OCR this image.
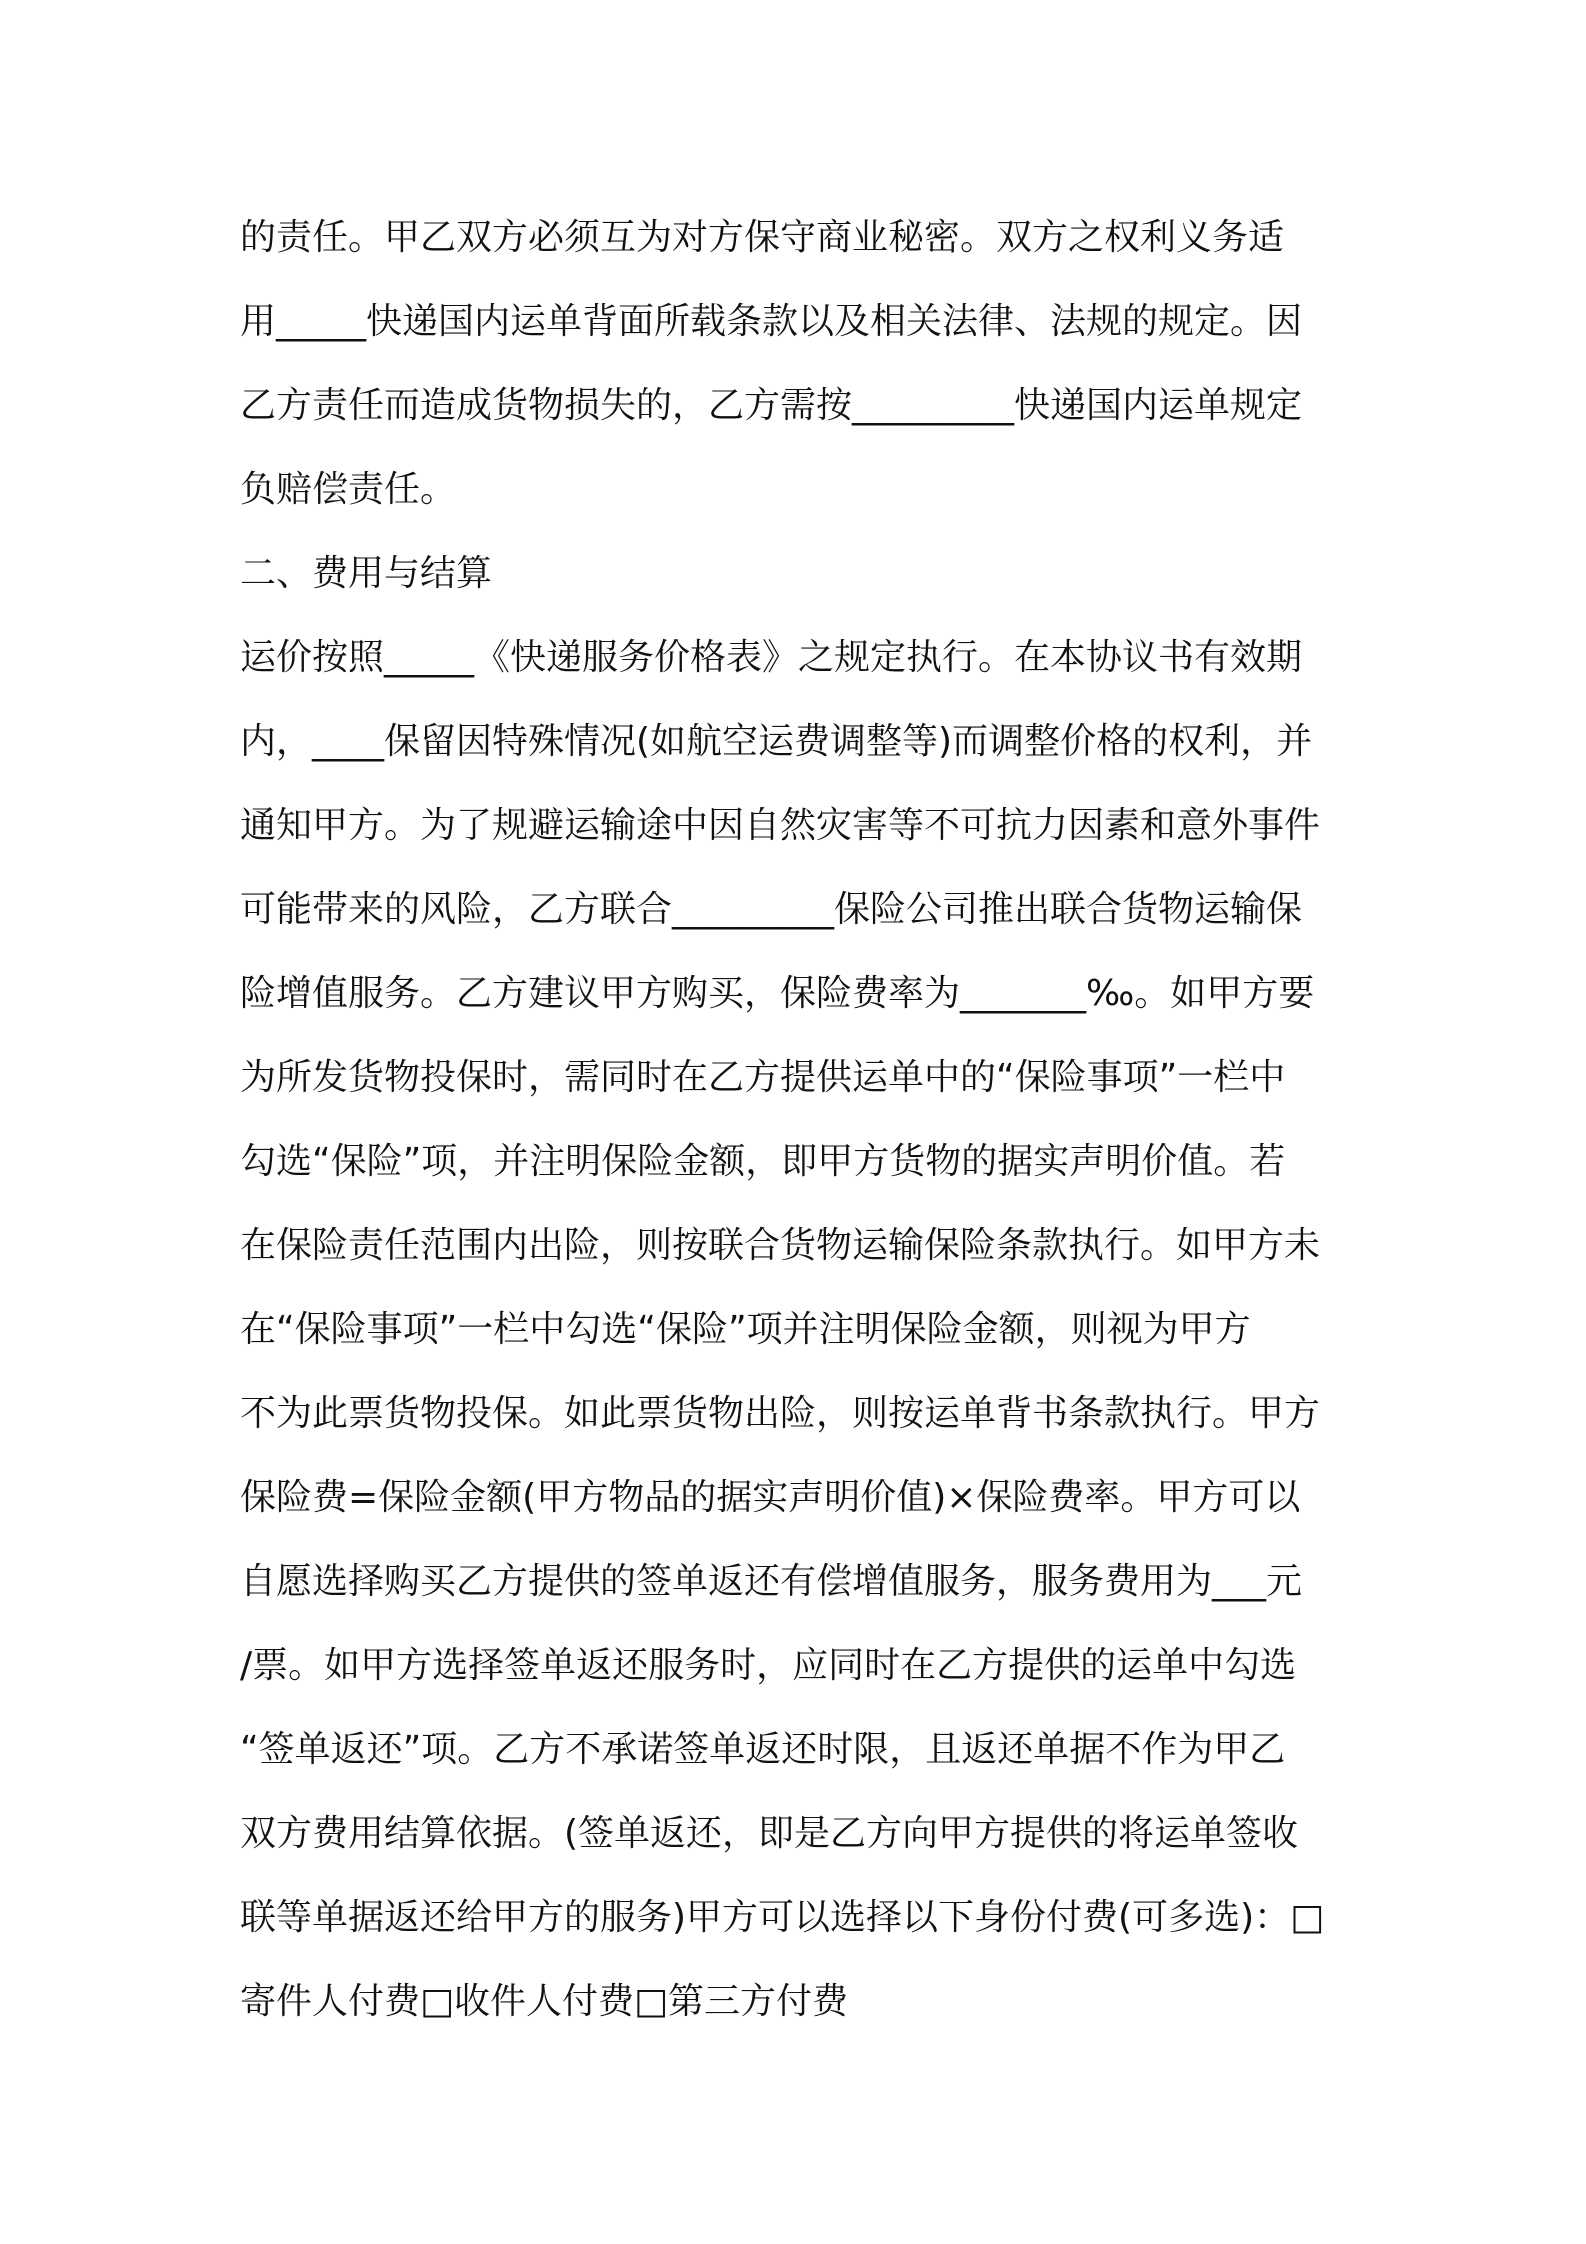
的责任。甲乙双方必须互为对方保守商业秘密。双方之权利义务适
用_____快递国内运单背面所载条款以及相关法律、法规的规定。因
乙方责任而造成货物损失的，乙方需按_________快递国内运单规定
负赔偿责任。
二、费用与结算
运价按照_____《快递服务价格表》之规定执行。在本协议书有效期
内，____保留因特殊情况(如航空运费调整等)而调整价格的权利，并
通知甲方。为了规避运输途中因自然灾害等不可抗力因素和意外事件
可能带来的风险，乙方联合_________保险公司推出联合货物运输保
险增值服务。乙方建议甲方购买，保险费率为_______‰。如甲方要
为所发货物投保时，需同时在乙方提供运单中的“保险事项”一栏中
勾选“保险”项，并注明保险金额，即甲方货物的据实声明价值。若
在保险责任范围内出险，则按联合货物运输保险条款执行。如甲方未
在“保险事项”一栏中勾选“保险”项并注明保险金额，则视为甲方
不为此票货物投保。如此票货物出险，则按运单背书条款执行。甲方
保险费=保险金额(甲方物品的据实声明价值)×保险费率。甲方可以
自愿选择购买乙方提供的签单返还有偿增值服务，服务费用为___元
/票。如甲方选择签单返还服务时，应同时在乙方提供的运单中勾选
“签单返还”项。乙方不承诺签单返还时限，且返还单据不作为甲乙
双方费用结算依据。(签单返还，即是乙方向甲方提供的将运单签收
联等单据返还给甲方的服务)甲方可以选择以下身份付费(可多选)：□
寄件人付费□收件人付费□第三方付费
